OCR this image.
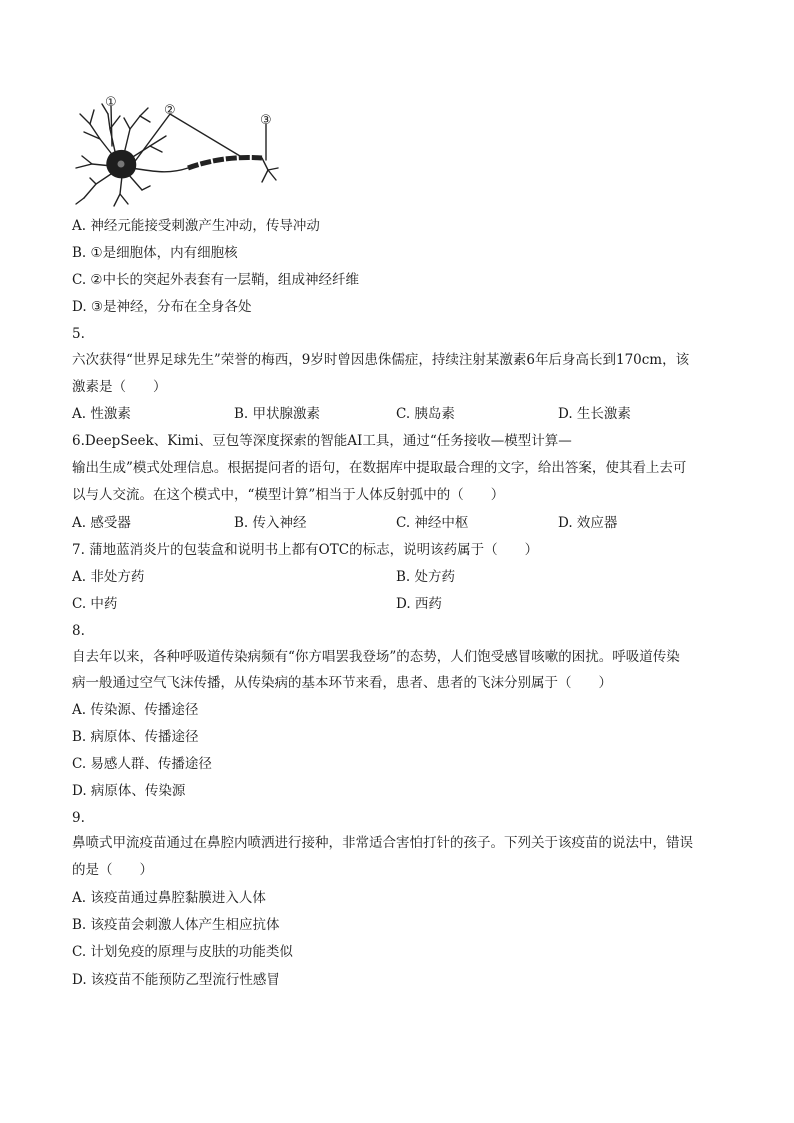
①
②
③
A. 神经元能接受刺激产生冲动，传导冲动
B. ①是细胞体，内有细胞核
C. ②中长的突起外表套有一层鞘，组成神经纤维
D. ③是神经，分布在全身各处
5.
六次获得“世界足球先生”荣誉的梅西，9岁时曾因患侏儒症，持续注射某激素6年后身高长到170cm，该
激素是（　　）
A. 性激素	B. 甲状腺激素	C. 胰岛素	D. 生长激素
6.DeepSeek、Kimi、豆包等深度探索的智能AI工具，通过“任务接收—模型计算—
输出生成”模式处理信息。根据提问者的语句，在数据库中提取最合理的文字，给出答案，使其看上去可
以与人交流。在这个模式中，“模型计算”相当于人体反射弧中的（　　）
A. 感受器	B. 传入神经	C. 神经中枢	D. 效应器
7. 蒲地蓝消炎片的包装盒和说明书上都有OTC的标志，说明该药属于（　　）
A. 非处方药	B. 处方药
C. 中药	D. 西药
8.
自去年以来，各种呼吸道传染病频有“你方唱罢我登场”的态势，人们饱受感冒咳嗽的困扰。呼吸道传染
病一般通过空气飞沫传播，从传染病的基本环节来看，患者、患者的飞沫分别属于（　　）
A. 传染源、传播途径
B. 病原体、传播途径
C. 易感人群、传播途径
D. 病原体、传染源
9.
鼻喷式甲流疫苗通过在鼻腔内喷洒进行接种，非常适合害怕打针的孩子。下列关于该疫苗的说法中，错误
的是（　　）
A. 该疫苗通过鼻腔黏膜进入人体
B. 该疫苗会刺激人体产生相应抗体
C. 计划免疫的原理与皮肤的功能类似
D. 该疫苗不能预防乙型流行性感冒
